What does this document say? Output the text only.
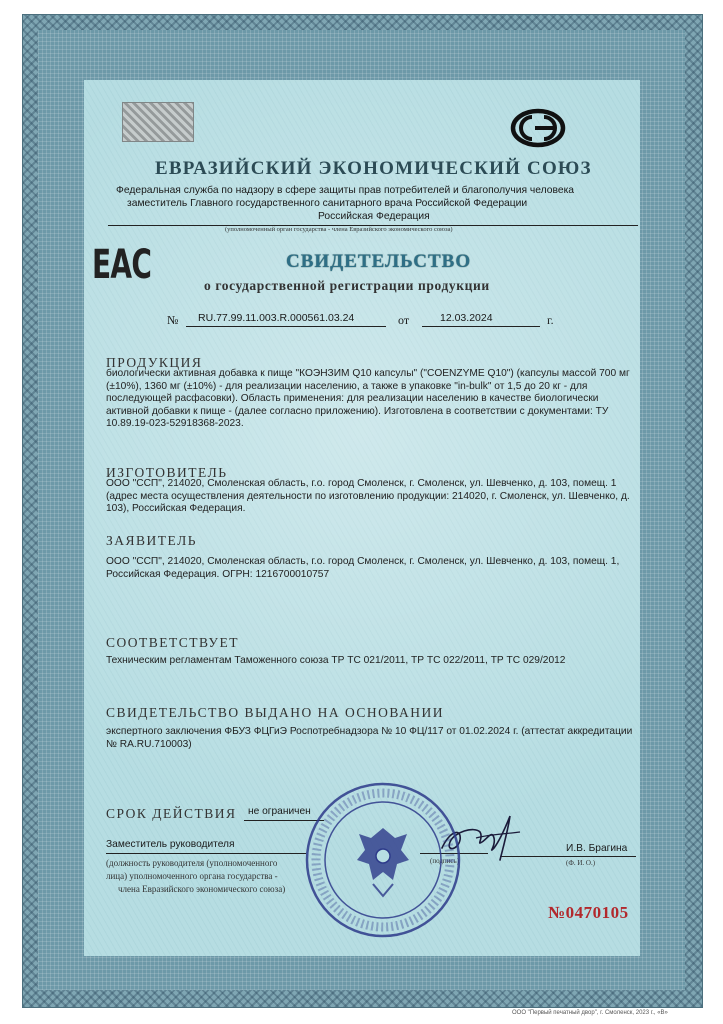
ЕАС
ЕВРАЗИЙСКИЙ ЭКОНОМИЧЕСКИЙ СОЮЗ
Федеральная служба по надзору в сфере защиты прав потребителей и благополучия человека
заместитель Главного государственного санитарного врача Российской Федерации
Российская Федерация
(уполномоченный орган государства - члена Евразийского экономического союза)
СВИДЕТЕЛЬСТВО
о государственной регистрации продукции
№ RU.77.99.11.003.R.000561.03.24	от	12.03.2024	г.
ПРОДУКЦИЯ
биологически активная добавка к пище "КОЭНЗИМ Q10 капсулы" ("COENZYME Q10") (капсулы массой 700 мг (±10%), 1360 мг (±10%) - для реализации населению, а также в упаковке "in-bulk" от 1,5 до 20 кг - для последующей расфасовки). Область применения: для реализации населению в качестве биологически активной добавки к пище - (далее согласно приложению). Изготовлена в соответствии с документами: ТУ 10.89.19-023-52918368-2023.
ИЗГОТОВИТЕЛЬ
ООО "ССП", 214020, Смоленская область, г.о. город Смоленск, г. Смоленск, ул. Шевченко, д. 103, помещ. 1 (адрес места осуществления деятельности по изготовлению продукции: 214020, г. Смоленск, ул. Шевченко, д. 103), Российская Федерация.
ЗАЯВИТЕЛЬ
ООО "ССП", 214020, Смоленская область, г.о. город Смоленск, г. Смоленск, ул. Шевченко, д. 103, помещ. 1, Российская Федерация. ОГРН: 1216700010757
СООТВЕТСТВУЕТ
Техническим регламентам Таможенного союза ТР ТС 021/2011, ТР ТС 022/2011, ТР ТС 029/2012
СВИДЕТЕЛЬСТВО ВЫДАНО НА ОСНОВАНИИ
экспертного заключения ФБУЗ ФЦГиЭ Роспотребнадзора № 10 ФЦ/117 от 01.02.2024 г. (аттестат аккредитации № RA.RU.710003)
СРОК ДЕЙСТВИЯ не ограничен
Заместитель руководителя	И.В. Брагина
(должность руководителя (уполномоченного
лица) уполномоченного органа государства -
члена Евразийского экономического союза)
(подпись)	(Ф. И. О.)
№0470105
ООО "Первый печатный двор", г. Смоленск, 2023 г., «В»
